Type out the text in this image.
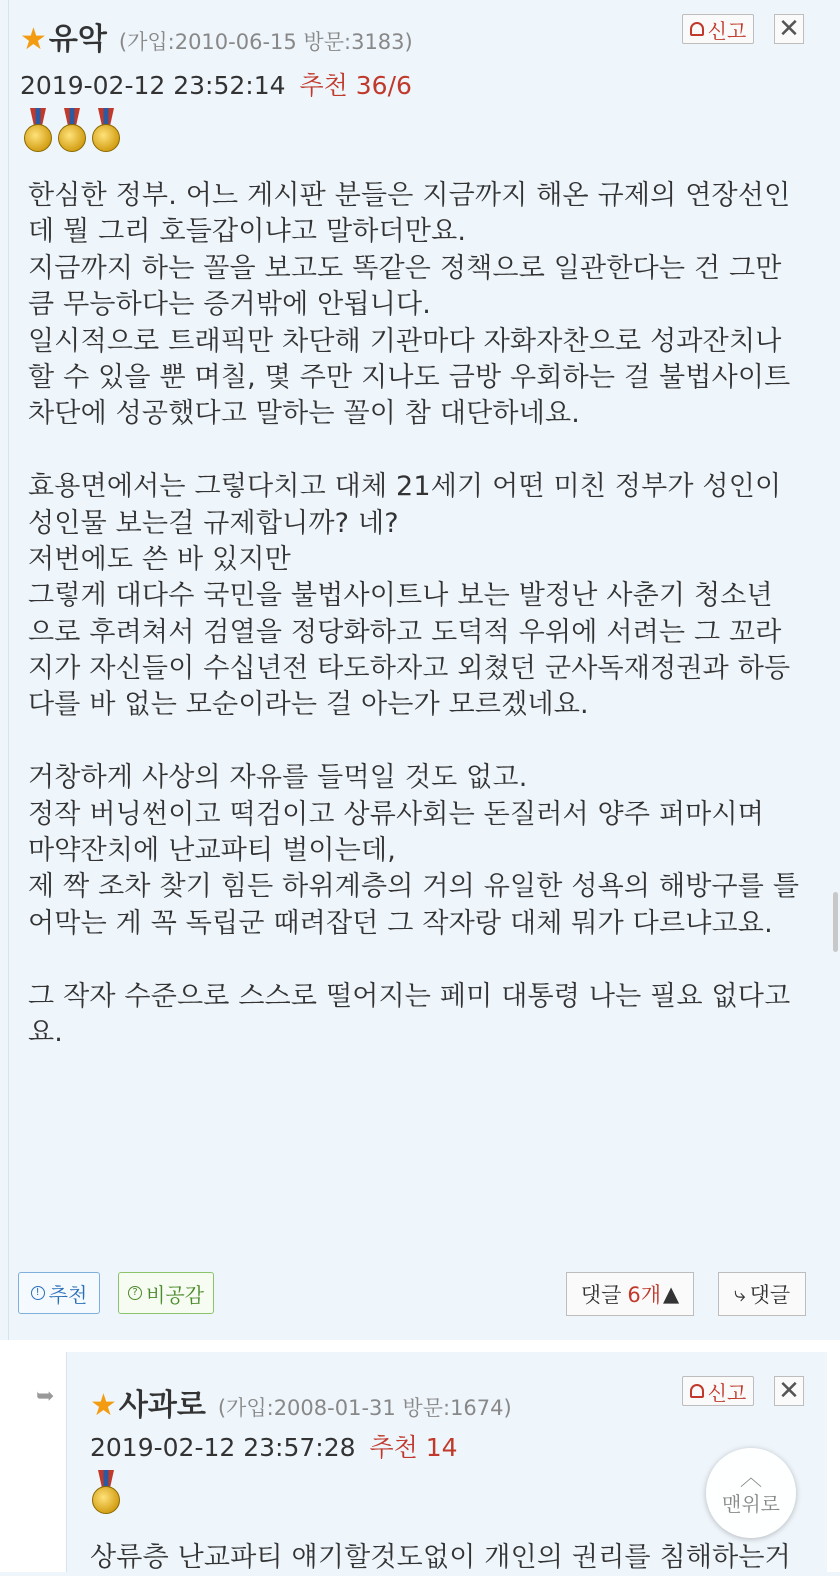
★ 유악 (가입:2010-06-15 방문:3183)	신고 ✕
2019-02-12 23:52:14 추천 36/6
한심한 정부. 어느 게시판 분들은 지금까지 해온 규제의 연장선인
데 뭘 그리 호들갑이냐고 말하더만요.
지금까지 하는 꼴을 보고도 똑같은 정책으로 일관한다는 건 그만
큼 무능하다는 증거밖에 안됩니다.
일시적으로 트래픽만 차단해 기관마다 자화자찬으로 성과잔치나
할 수 있을 뿐 며칠, 몇 주만 지나도 금방 우회하는 걸 불법사이트
차단에 성공했다고 말하는 꼴이 참 대단하네요.
효용면에서는 그렇다치고 대체 21세기 어떤 미친 정부가 성인이
성인물 보는걸 규제합니까? 네?
저번에도 쓴 바 있지만
그렇게 대다수 국민을 불법사이트나 보는 발정난 사춘기 청소년
으로 후려쳐서 검열을 정당화하고 도덕적 우위에 서려는 그 꼬라
지가 자신들이 수십년전 타도하자고 외쳤던 군사독재정권과 하등
다를 바 없는 모순이라는 걸 아는가 모르겠네요.
거창하게 사상의 자유를 들먹일 것도 없고.
정작 버닝썬이고 떡검이고 상류사회는 돈질러서 양주 퍼마시며
마약잔치에 난교파티 벌이는데,
제 짝 조차 찾기 힘든 하위계층의 거의 유일한 성욕의 해방구를 틀
어막는 게 꼭 독립군 때려잡던 그 작자랑 대체 뭐가 다르냐고요.
그 작자 수준으로 스스로 떨어지는 페미 대통령 나는 필요 없다고
요.
! 추천	? 비공감	댓글 6개 ▲	⤷ 댓글
➥ ★ 사과로 (가입:2008-01-31 방문:1674)
신고 ✕
2019-02-12 23:57:28 추천 14
상류층 난교파티 얘기할것도없이 개인의 권리를 침해하는거
︿
맨위로
